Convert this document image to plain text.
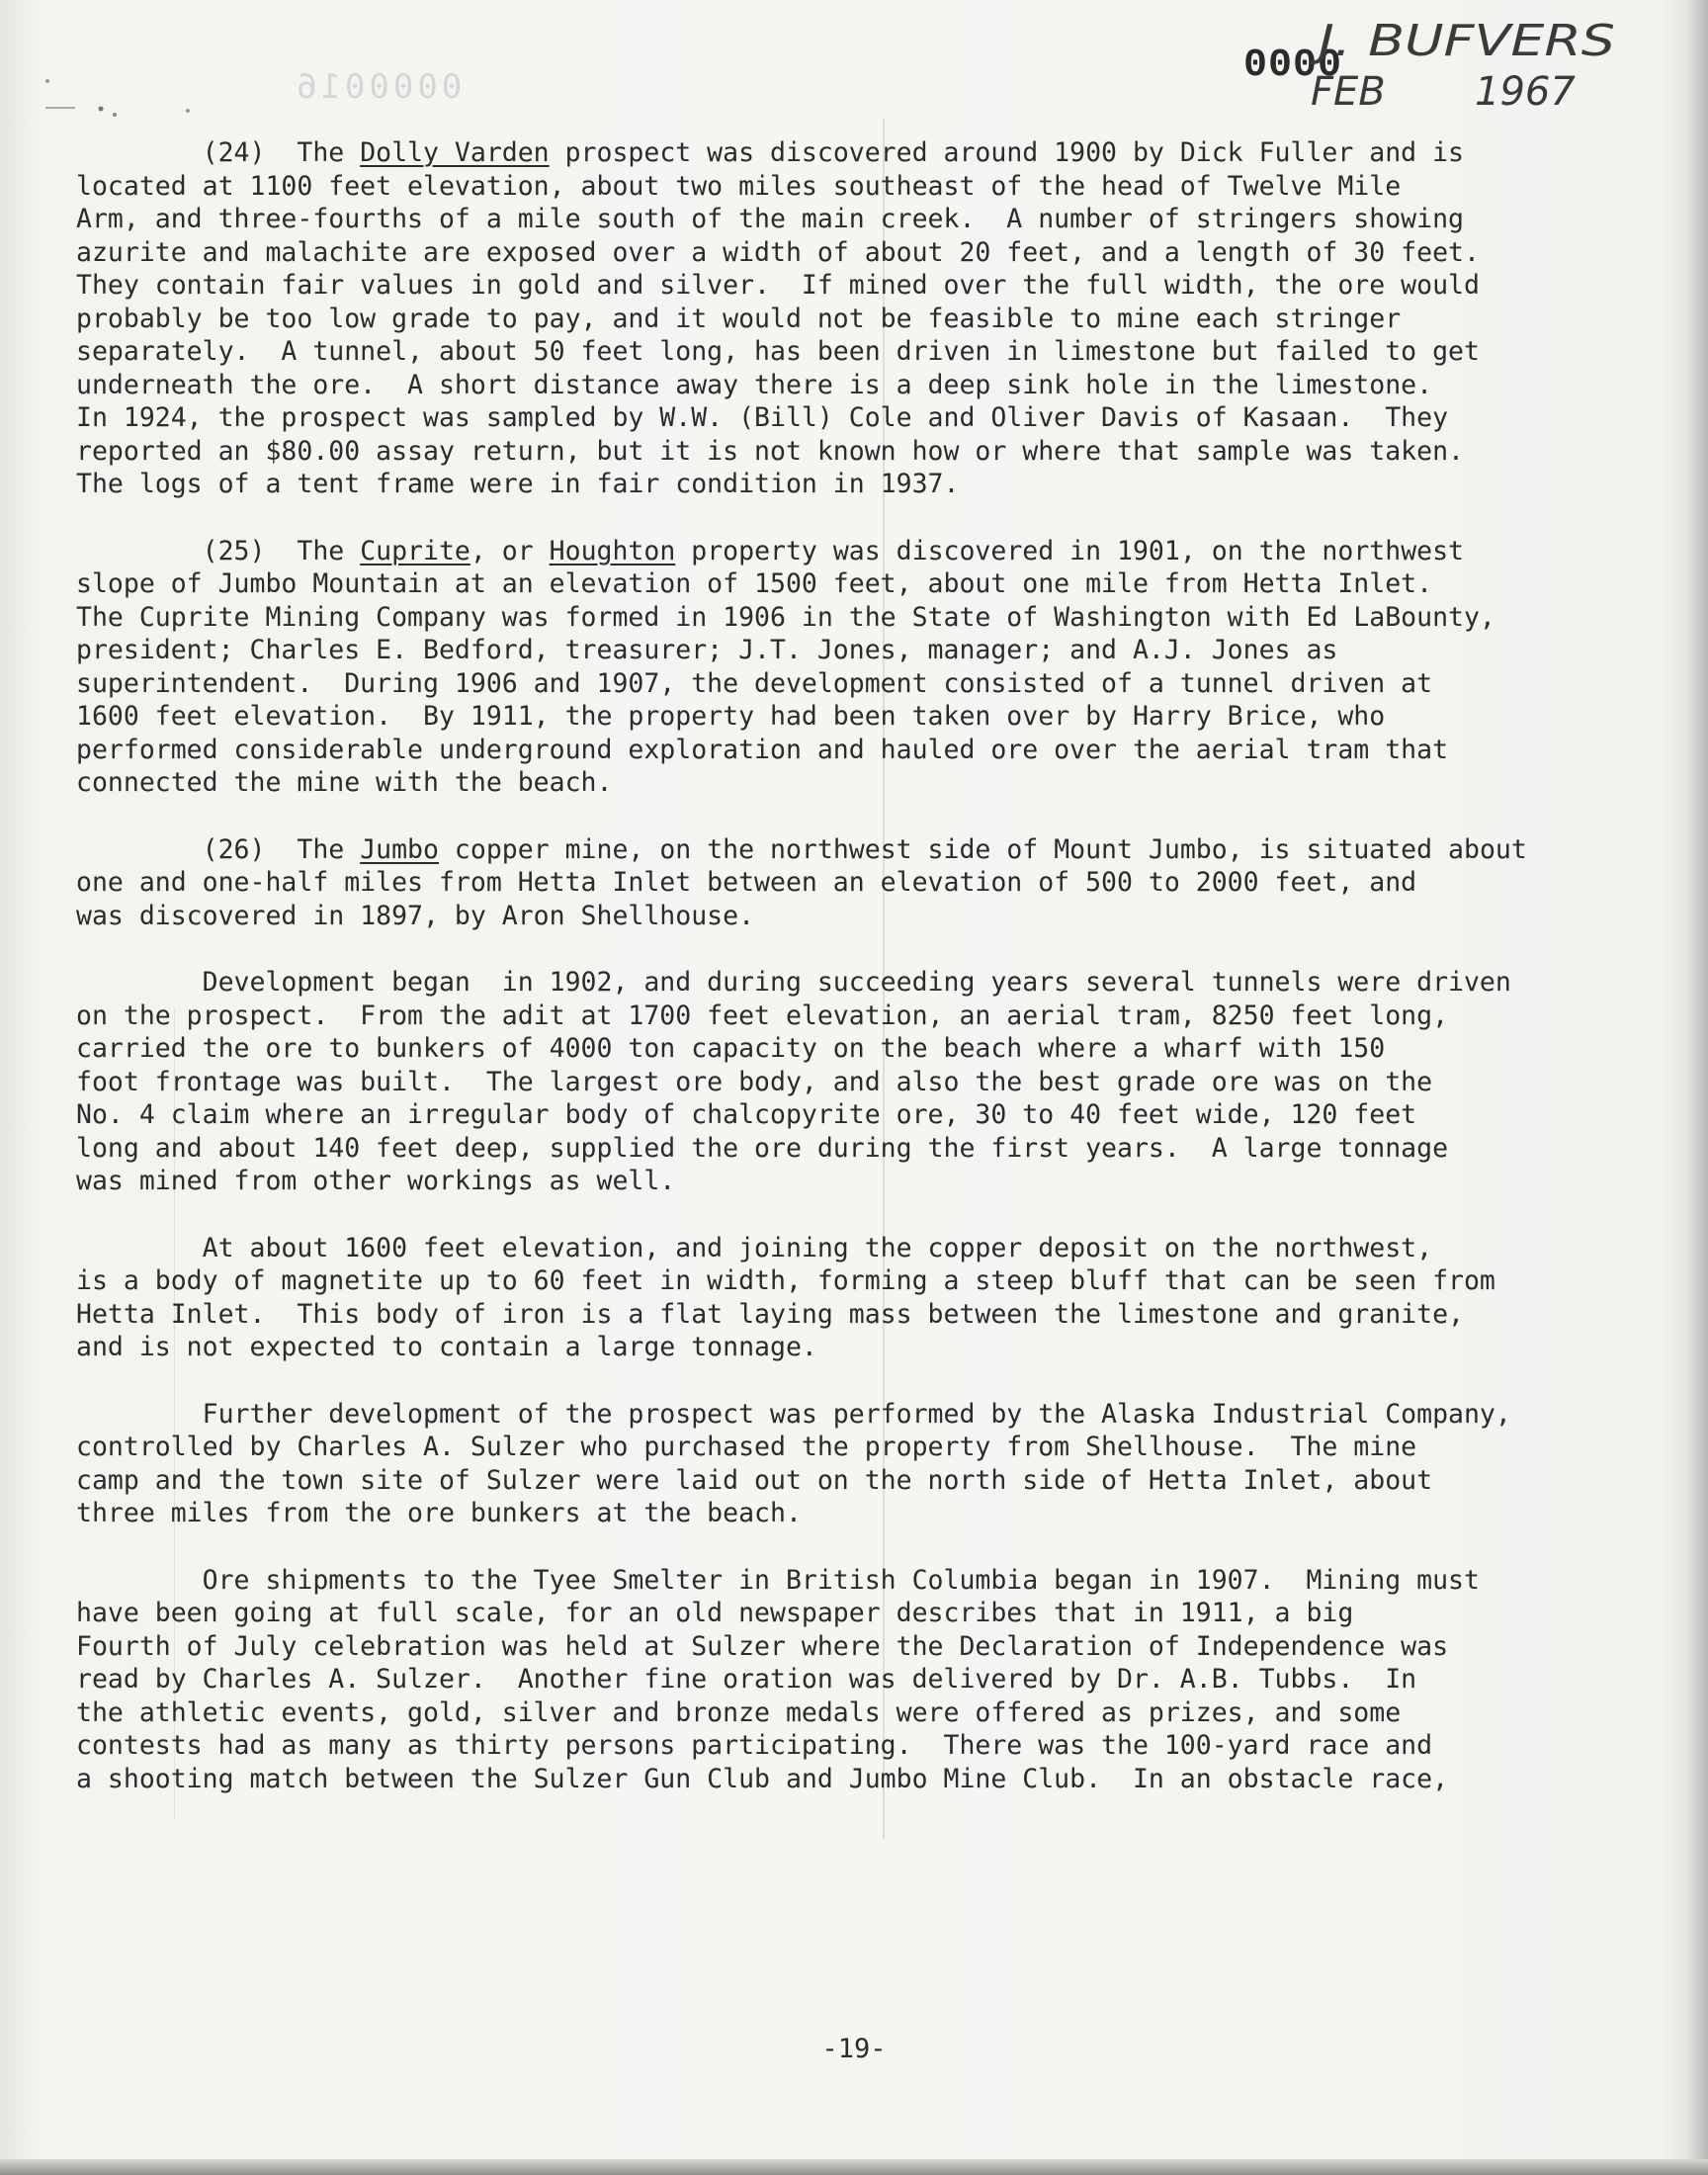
0000016	0000
J. BUFVERS
FEB 1967

(24)  The Dolly Varden prospect was discovered around 1900 by Dick Fuller and is
located at 1100 feet elevation, about two miles southeast of the head of Twelve Mile
Arm, and three-fourths of a mile south of the main creek.  A number of stringers showing
azurite and malachite are exposed over a width of about 20 feet, and a length of 30 feet.
They contain fair values in gold and silver.  If mined over the full width, the ore would
probably be too low grade to pay, and it would not be feasible to mine each stringer
separately.  A tunnel, about 50 feet long, has been driven in limestone but failed to get
underneath the ore.  A short distance away there is a deep sink hole in the limestone.
In 1924, the prospect was sampled by W.W. (Bill) Cole and Oliver Davis of Kasaan.  They
reported an $80.00 assay return, but it is not known how or where that sample was taken.
The logs of a tent frame were in fair condition in 1937.

(25)  The Cuprite, or Houghton property was discovered in 1901, on the northwest
slope of Jumbo Mountain at an elevation of 1500 feet, about one mile from Hetta Inlet.
The Cuprite Mining Company was formed in 1906 in the State of Washington with Ed LaBounty,
president; Charles E. Bedford, treasurer; J.T. Jones, manager; and A.J. Jones as
superintendent.  During 1906 and 1907, the development consisted of a tunnel driven at
1600 feet elevation.  By 1911, the property had been taken over by Harry Brice, who
performed considerable underground exploration and hauled ore over the aerial tram that
connected the mine with the beach.

(26)  The Jumbo copper mine, on the northwest side of Mount Jumbo, is situated about
one and one-half miles from Hetta Inlet between an elevation of 500 to 2000 feet, and
was discovered in 1897, by Aron Shellhouse.

Development began  in 1902, and during succeeding years several tunnels were driven
on the prospect.  From the adit at 1700 feet elevation, an aerial tram, 8250 feet long,
carried the ore to bunkers of 4000 ton capacity on the beach where a wharf with 150
foot frontage was built.  The largest ore body, and also the best grade ore was on the
No. 4 claim where an irregular body of chalcopyrite ore, 30 to 40 feet wide, 120 feet
long and about 140 feet deep, supplied the ore during the first years.  A large tonnage
was mined from other workings as well.

At about 1600 feet elevation, and joining the copper deposit on the northwest,
is a body of magnetite up to 60 feet in width, forming a steep bluff that can be seen from
Hetta Inlet.  This body of iron is a flat laying mass between the limestone and granite,
and is not expected to contain a large tonnage.

Further development of the prospect was performed by the Alaska Industrial Company,
controlled by Charles A. Sulzer who purchased the property from Shellhouse.  The mine
camp and the town site of Sulzer were laid out on the north side of Hetta Inlet, about
three miles from the ore bunkers at the beach.

Ore shipments to the Tyee Smelter in British Columbia began in 1907.  Mining must
have been going at full scale, for an old newspaper describes that in 1911, a big
Fourth of July celebration was held at Sulzer where the Declaration of Independence was
read by Charles A. Sulzer.  Another fine oration was delivered by Dr. A.B. Tubbs.  In
the athletic events, gold, silver and bronze medals were offered as prizes, and some
contests had as many as thirty persons participating.  There was the 100-yard race and
a shooting match between the Sulzer Gun Club and Jumbo Mine Club.  In an obstacle race,

-19-
